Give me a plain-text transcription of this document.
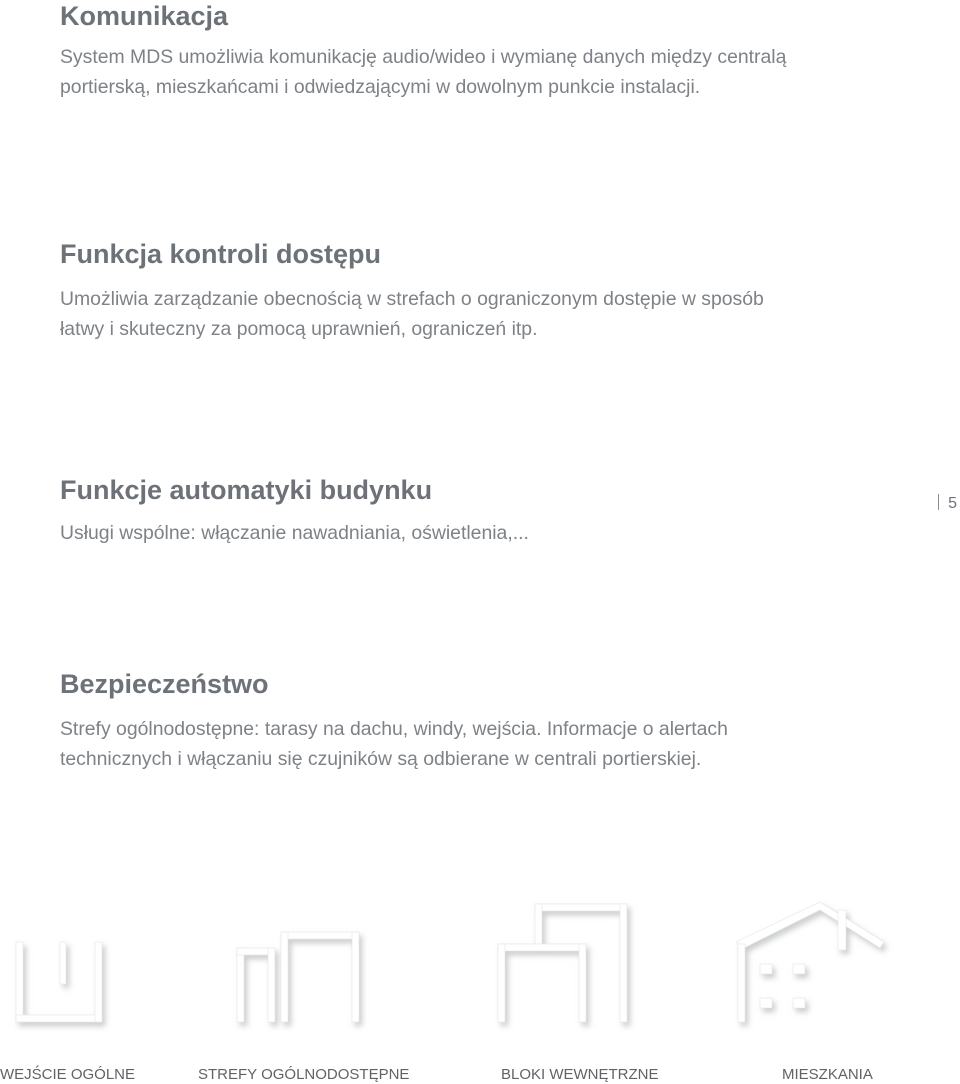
Komunikacja

System MDS umożliwia komunikację audio/wideo i wymianę danych między centralą
portierską, mieszkańcami i odwiedzającymi w dowolnym punkcie instalacji.

Funkcja kontroli dostępu

Umożliwia zarządzanie obecnością w strefach o ograniczonym dostępie w sposób
łatwy i skuteczny za pomocą uprawnień, ograniczeń itp.

Funkcje automatyki budynku

Usługi wspólne: włączanie nawadniania, oświetlenia,...

Bezpieczeństwo

Strefy ogólnodostępne: tarasy na dachu, windy, wejścia. Informacje o alertach
technicznych i włączaniu się czujników są odbierane w centrali portierskiej.

5
WEJŚCIE OGÓLNE	STREFY OGÓLNODOSTĘPNE	BLOKI WEWNĘTRZNE	MIESZKANIA
